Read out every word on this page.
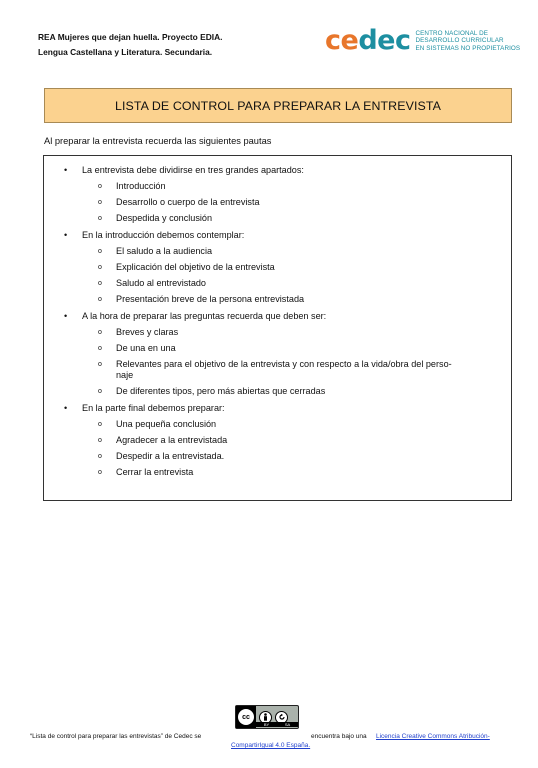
REA Mujeres que dejan huella. Proyecto EDIA.
Lengua Castellana y Literatura. Secundaria.	cedec CENTRO NACIONAL DE
DESARROLLO CURRICULAR
EN SISTEMAS NO PROPIETARIOS
LISTA DE CONTROL PARA PREPARAR LA ENTREVISTA
Al preparar la entrevista recuerda las siguientes pautas
•	La entrevista debe dividirse en tres grandes apartados:
o	Introducción
o	Desarrollo o cuerpo de la entrevista
o	Despedida y conclusión
•	En la introducción debemos contemplar:
o	El saludo a la audiencia
o	Explicación del objetivo de la entrevista
o	Saludo al entrevistado
o	Presentación breve de la persona entrevistada
•	A la hora de preparar las preguntas recuerda que deben ser:
o	Breves y claras
o	De una en una
o	Relevantes para el objetivo de la entrevista y con respecto a la vida/obra del perso-
naje
o	De diferentes tipos, pero más abiertas que cerradas
•	En la parte final debemos preparar:
o	Una pequeña conclusión
o	Agradecer a la entrevistada
o	Despedir a la entrevistada.
o	Cerrar la entrevista
cc
BY	SA
“Lista de control para preparar las entrevistas” de Cedec se	encuentra bajo una Licencia Creative Commons Atribución-
CompartirIgual 4.0 España.
